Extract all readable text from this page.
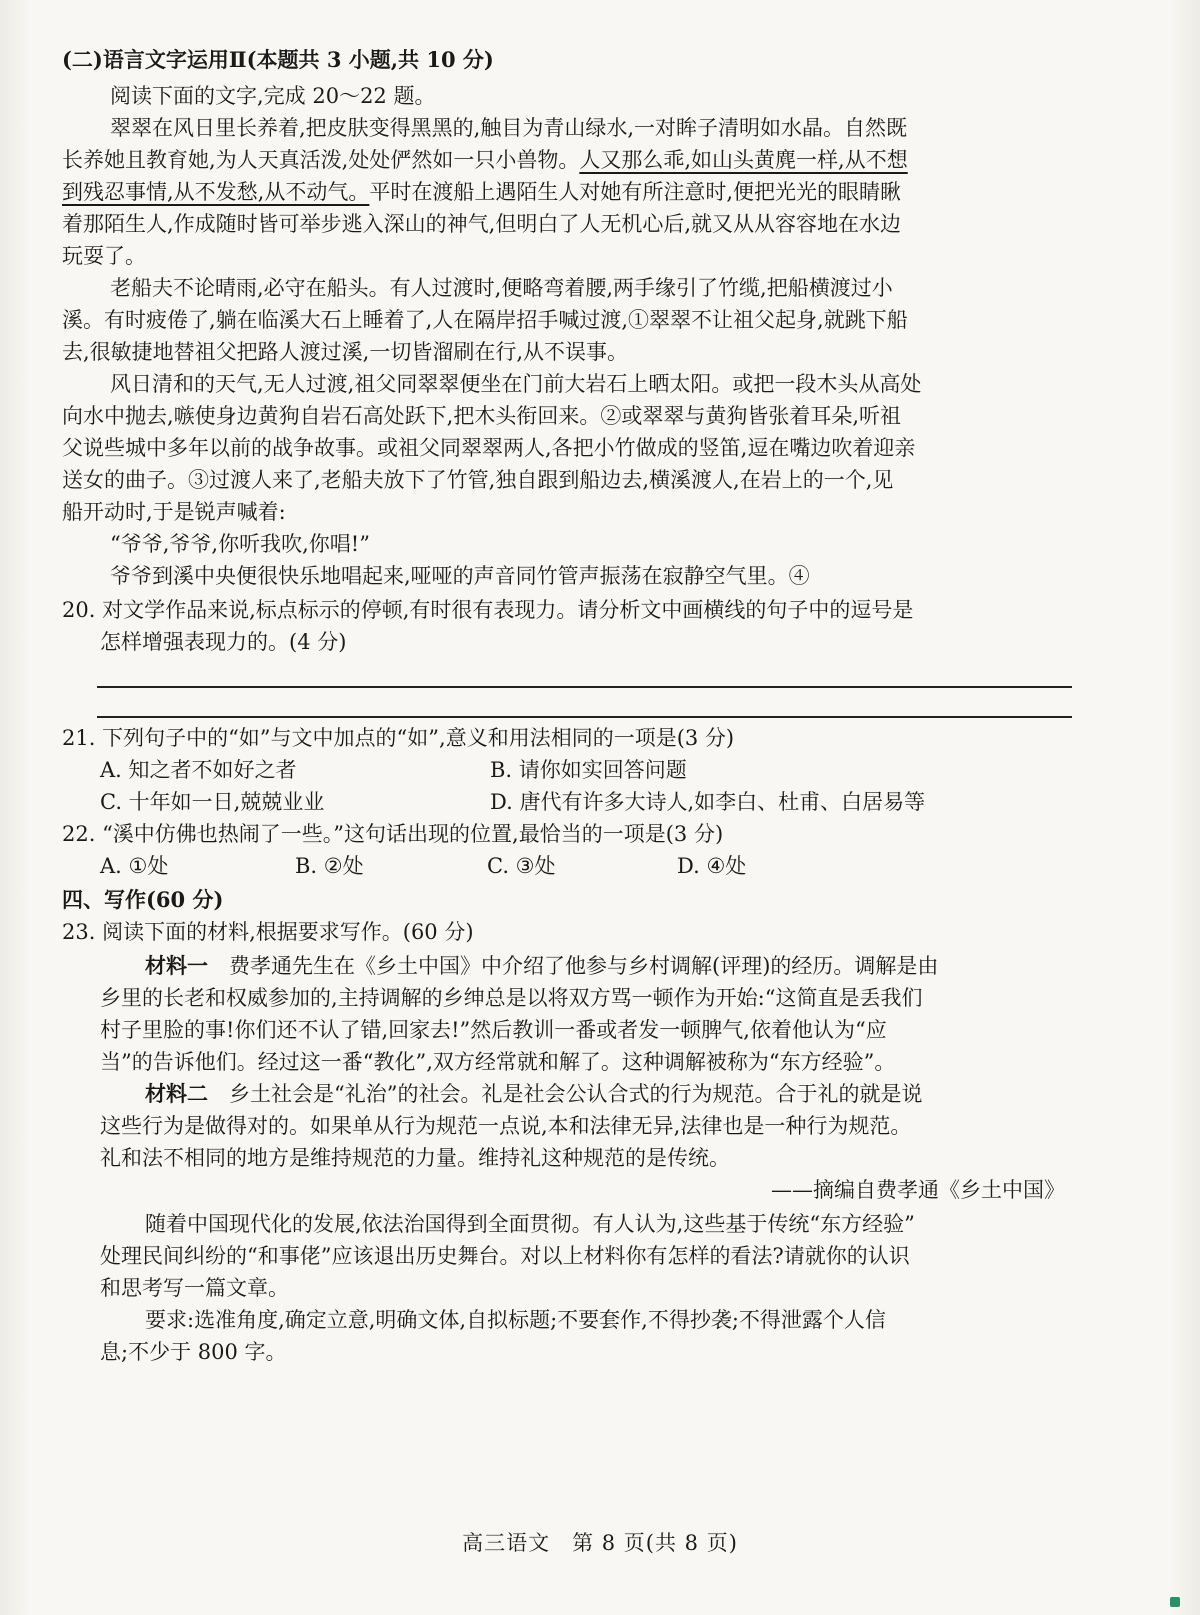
(二)语言文字运用Ⅱ(本题共 3 小题,共 10 分)
阅读下面的文字,完成 20～22 题。
翠翠在风日里长养着,把皮肤变得黑黑的,触目为青山绿水,一对眸子清明如水晶。自然既
长养她且教育她,为人天真活泼,处处俨然如一只小兽物。人又那么乖,如山头黄麂一样,从不想
到残忍事情,从不发愁,从不动气。平时在渡船上遇陌生人对她有所注意时,便把光光的眼睛瞅
着那陌生人,作成随时皆可举步逃入深山的神气,但明白了人无机心后,就又从从容容地在水边
玩耍了。
老船夫不论晴雨,必守在船头。有人过渡时,便略弯着腰,两手缘引了竹缆,把船横渡过小
溪。有时疲倦了,躺在临溪大石上睡着了,人在隔岸招手喊过渡,①翠翠不让祖父起身,就跳下船
去,很敏捷地替祖父把路人渡过溪,一切皆溜刷在行,从不误事。
风日清和的天气,无人过渡,祖父同翠翠便坐在门前大岩石上晒太阳。或把一段木头从高处
向水中抛去,嗾使身边黄狗自岩石高处跃下,把木头衔回来。②或翠翠与黄狗皆张着耳朵,听祖
父说些城中多年以前的战争故事。或祖父同翠翠两人,各把小竹做成的竖笛,逗在嘴边吹着迎亲
送女的曲子。③过渡人来了,老船夫放下了竹管,独自跟到船边去,横溪渡人,在岩上的一个,见
船开动时,于是锐声喊着:
“爷爷,爷爷,你听我吹,你唱!”
爷爷到溪中央便很快乐地唱起来,哑哑的声音同竹管声振荡在寂静空气里。④
20. 对文学作品来说,标点标示的停顿,有时很有表现力。请分析文中画横线的句子中的逗号是
怎样增强表现力的。(4 分)
21. 下列句子中的“如”与文中加点的“如”,意义和用法相同的一项是(3 分)
A. 知之者不如好之者	B. 请你如实回答问题
C. 十年如一日,兢兢业业	D. 唐代有许多大诗人,如李白、杜甫、白居易等
22. “溪中仿佛也热闹了一些。”这句话出现的位置,最恰当的一项是(3 分)
A. ①处	B. ②处	C. ③处	D. ④处
四、写作(60 分)
23. 阅读下面的材料,根据要求写作。(60 分)
材料一　 费孝通先生在《乡土中国》中介绍了他参与乡村调解(评理)的经历。调解是由
乡里的长老和权威参加的,主持调解的乡绅总是以将双方骂一顿作为开始:“这简直是丢我们
村子里脸的事!你们还不认了错,回家去!”然后教训一番或者发一顿脾气,依着他认为“应
当”的告诉他们。经过这一番“教化”,双方经常就和解了。这种调解被称为“东方经验”。
材料二　 乡土社会是“礼治”的社会。礼是社会公认合式的行为规范。合于礼的就是说
这些行为是做得对的。如果单从行为规范一点说,本和法律无异,法律也是一种行为规范。
礼和法不相同的地方是维持规范的力量。维持礼这种规范的是传统。
——摘编自费孝通《乡土中国》
随着中国现代化的发展,依法治国得到全面贯彻。有人认为,这些基于传统“东方经验”
处理民间纠纷的“和事佬”应该退出历史舞台。对以上材料你有怎样的看法?请就你的认识
和思考写一篇文章。
要求:选准角度,确定立意,明确文体,自拟标题;不要套作,不得抄袭;不得泄露个人信
息;不少于 800 字。
高三语文　第 8 页(共 8 页)
